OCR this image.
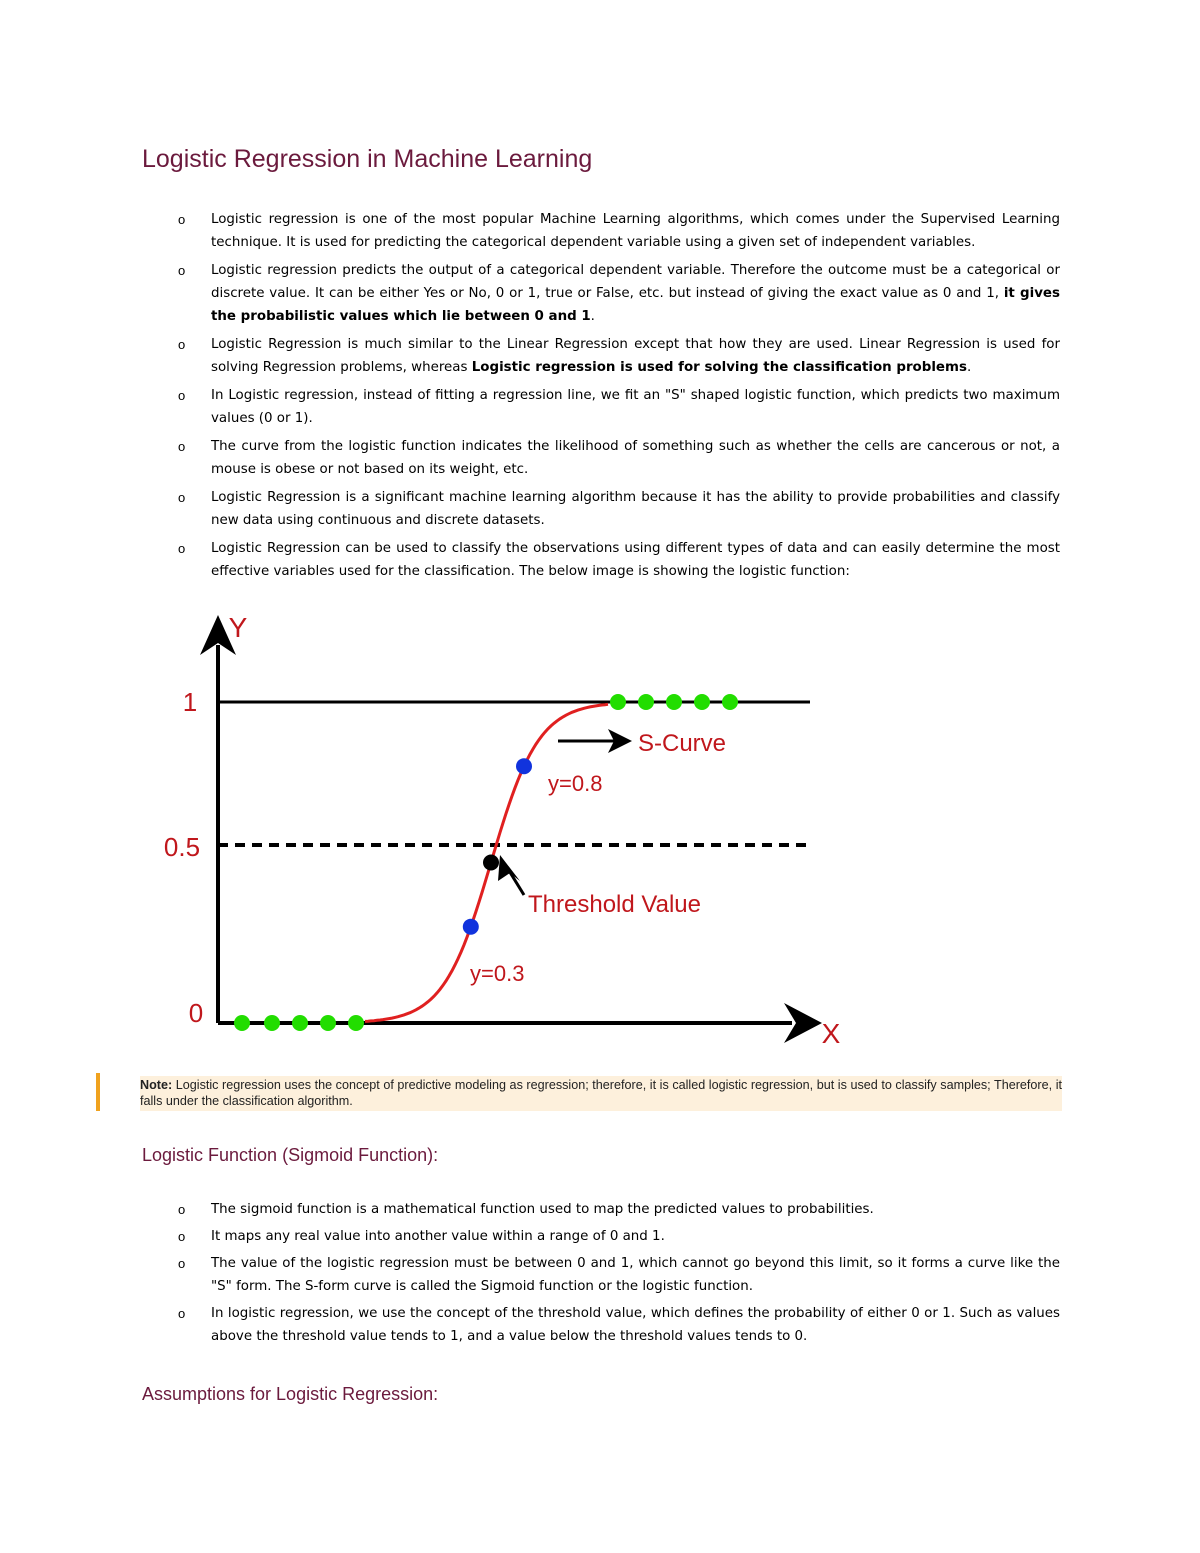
Logistic Regression in Machine Learning
o Logistic regression is one of the most popular Machine Learning algorithms, which comes under the Supervised Learning technique. It is used for predicting the categorical dependent variable using a given set of independent variables.
o Logistic regression predicts the output of a categorical dependent variable. Therefore the outcome must be a categorical or discrete value. It can be either Yes or No, 0 or 1, true or False, etc. but instead of giving the exact value as 0 and 1, it gives the probabilistic values which lie between 0 and 1.
o Logistic Regression is much similar to the Linear Regression except that how they are used. Linear Regression is used for solving Regression problems, whereas Logistic regression is used for solving the classification problems.
o In Logistic regression, instead of fitting a regression line, we fit an "S" shaped logistic function, which predicts two maximum values (0 or 1).
o The curve from the logistic function indicates the likelihood of something such as whether the cells are cancerous or not, a mouse is obese or not based on its weight, etc.
o Logistic Regression is a significant machine learning algorithm because it has the ability to provide probabilities and classify new data using continuous and discrete datasets.
o Logistic Regression can be used to classify the observations using different types of data and can easily determine the most effective variables used for the classification. The below image is showing the logistic function:
1
0.5
0
Y
X
S-Curve
y=0.8
y=0.3
Threshold Value
Note: Logistic regression uses the concept of predictive modeling as regression; therefore, it is called logistic regression, but is used to classify samples; Therefore, it falls under the classification algorithm.
Logistic Function (Sigmoid Function):
o The sigmoid function is a mathematical function used to map the predicted values to probabilities.
o It maps any real value into another value within a range of 0 and 1.
o The value of the logistic regression must be between 0 and 1, which cannot go beyond this limit, so it forms a curve like the "S" form. The S-form curve is called the Sigmoid function or the logistic function.
o In logistic regression, we use the concept of the threshold value, which defines the probability of either 0 or 1. Such as values above the threshold value tends to 1, and a value below the threshold values tends to 0.
Assumptions for Logistic Regression:
